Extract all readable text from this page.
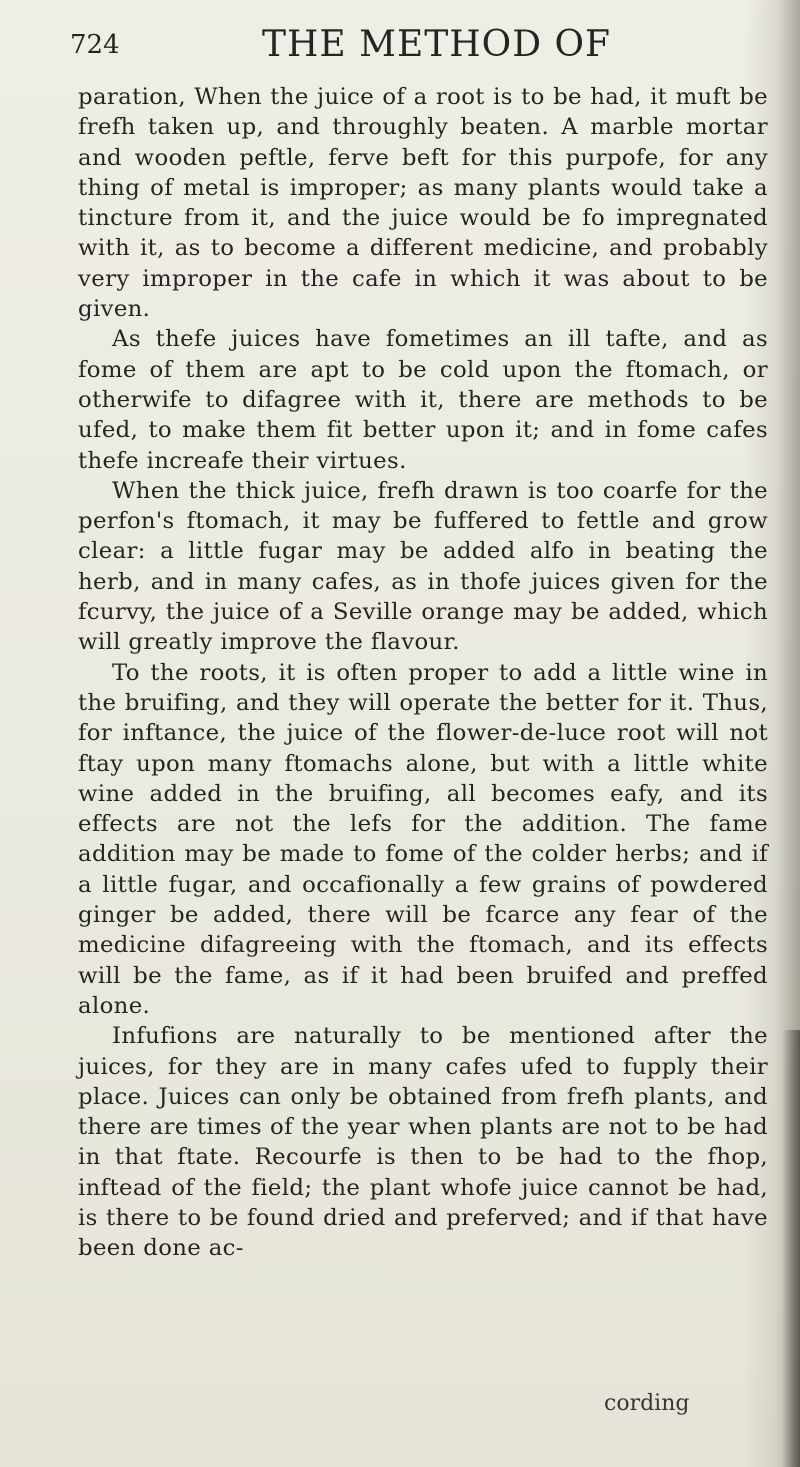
724	THE METHOD OF

paration, When the juice of a root is to be had, it muft be frefh taken up, and throughly beaten. A marble mortar and wooden peftle, ferve beft for this purpofe, for any thing of metal is improper; as many plants would take a tincture from it, and the juice would be fo impregnated with it, as to become a different medicine, and probably very improper in the cafe in which it was about to be given.

As thefe juices have fometimes an ill tafte, and as fome of them are apt to be cold upon the ftomach, or otherwife to difagree with it, there are methods to be ufed, to make them fit better upon it; and in fome cafes thefe increafe their virtues.

When the thick juice, frefh drawn is too coarfe for the perfon's ftomach, it may be fuffered to fettle and grow clear: a little fugar may be added alfo in beating the herb, and in many cafes, as in thofe juices given for the fcurvy, the juice of a Seville orange may be added, which will greatly improve the flavour.

To the roots, it is often proper to add a little wine in the bruifing, and they will operate the better for it. Thus, for inftance, the juice of the flower-de-luce root will not ftay upon many ftomachs alone, but with a little white wine added in the bruifing, all becomes eafy, and its effects are not the lefs for the addition. The fame addition may be made to fome of the colder herbs; and if a little fugar, and occafionally a few grains of powdered ginger be added, there will be fcarce any fear of the medicine difagreeing with the ftomach, and its effects will be the fame, as if it had been bruifed and preffed alone.

Infufions are naturally to be mentioned after the juices, for they are in many cafes ufed to fupply their place. Juices can only be obtained from frefh plants, and there are times of the year when plants are not to be had in that ftate. Recourfe is then to be had to the fhop, inftead of the field; the plant whofe juice cannot be had, is there to be found dried and preferved; and if that have been done ac-

cording
